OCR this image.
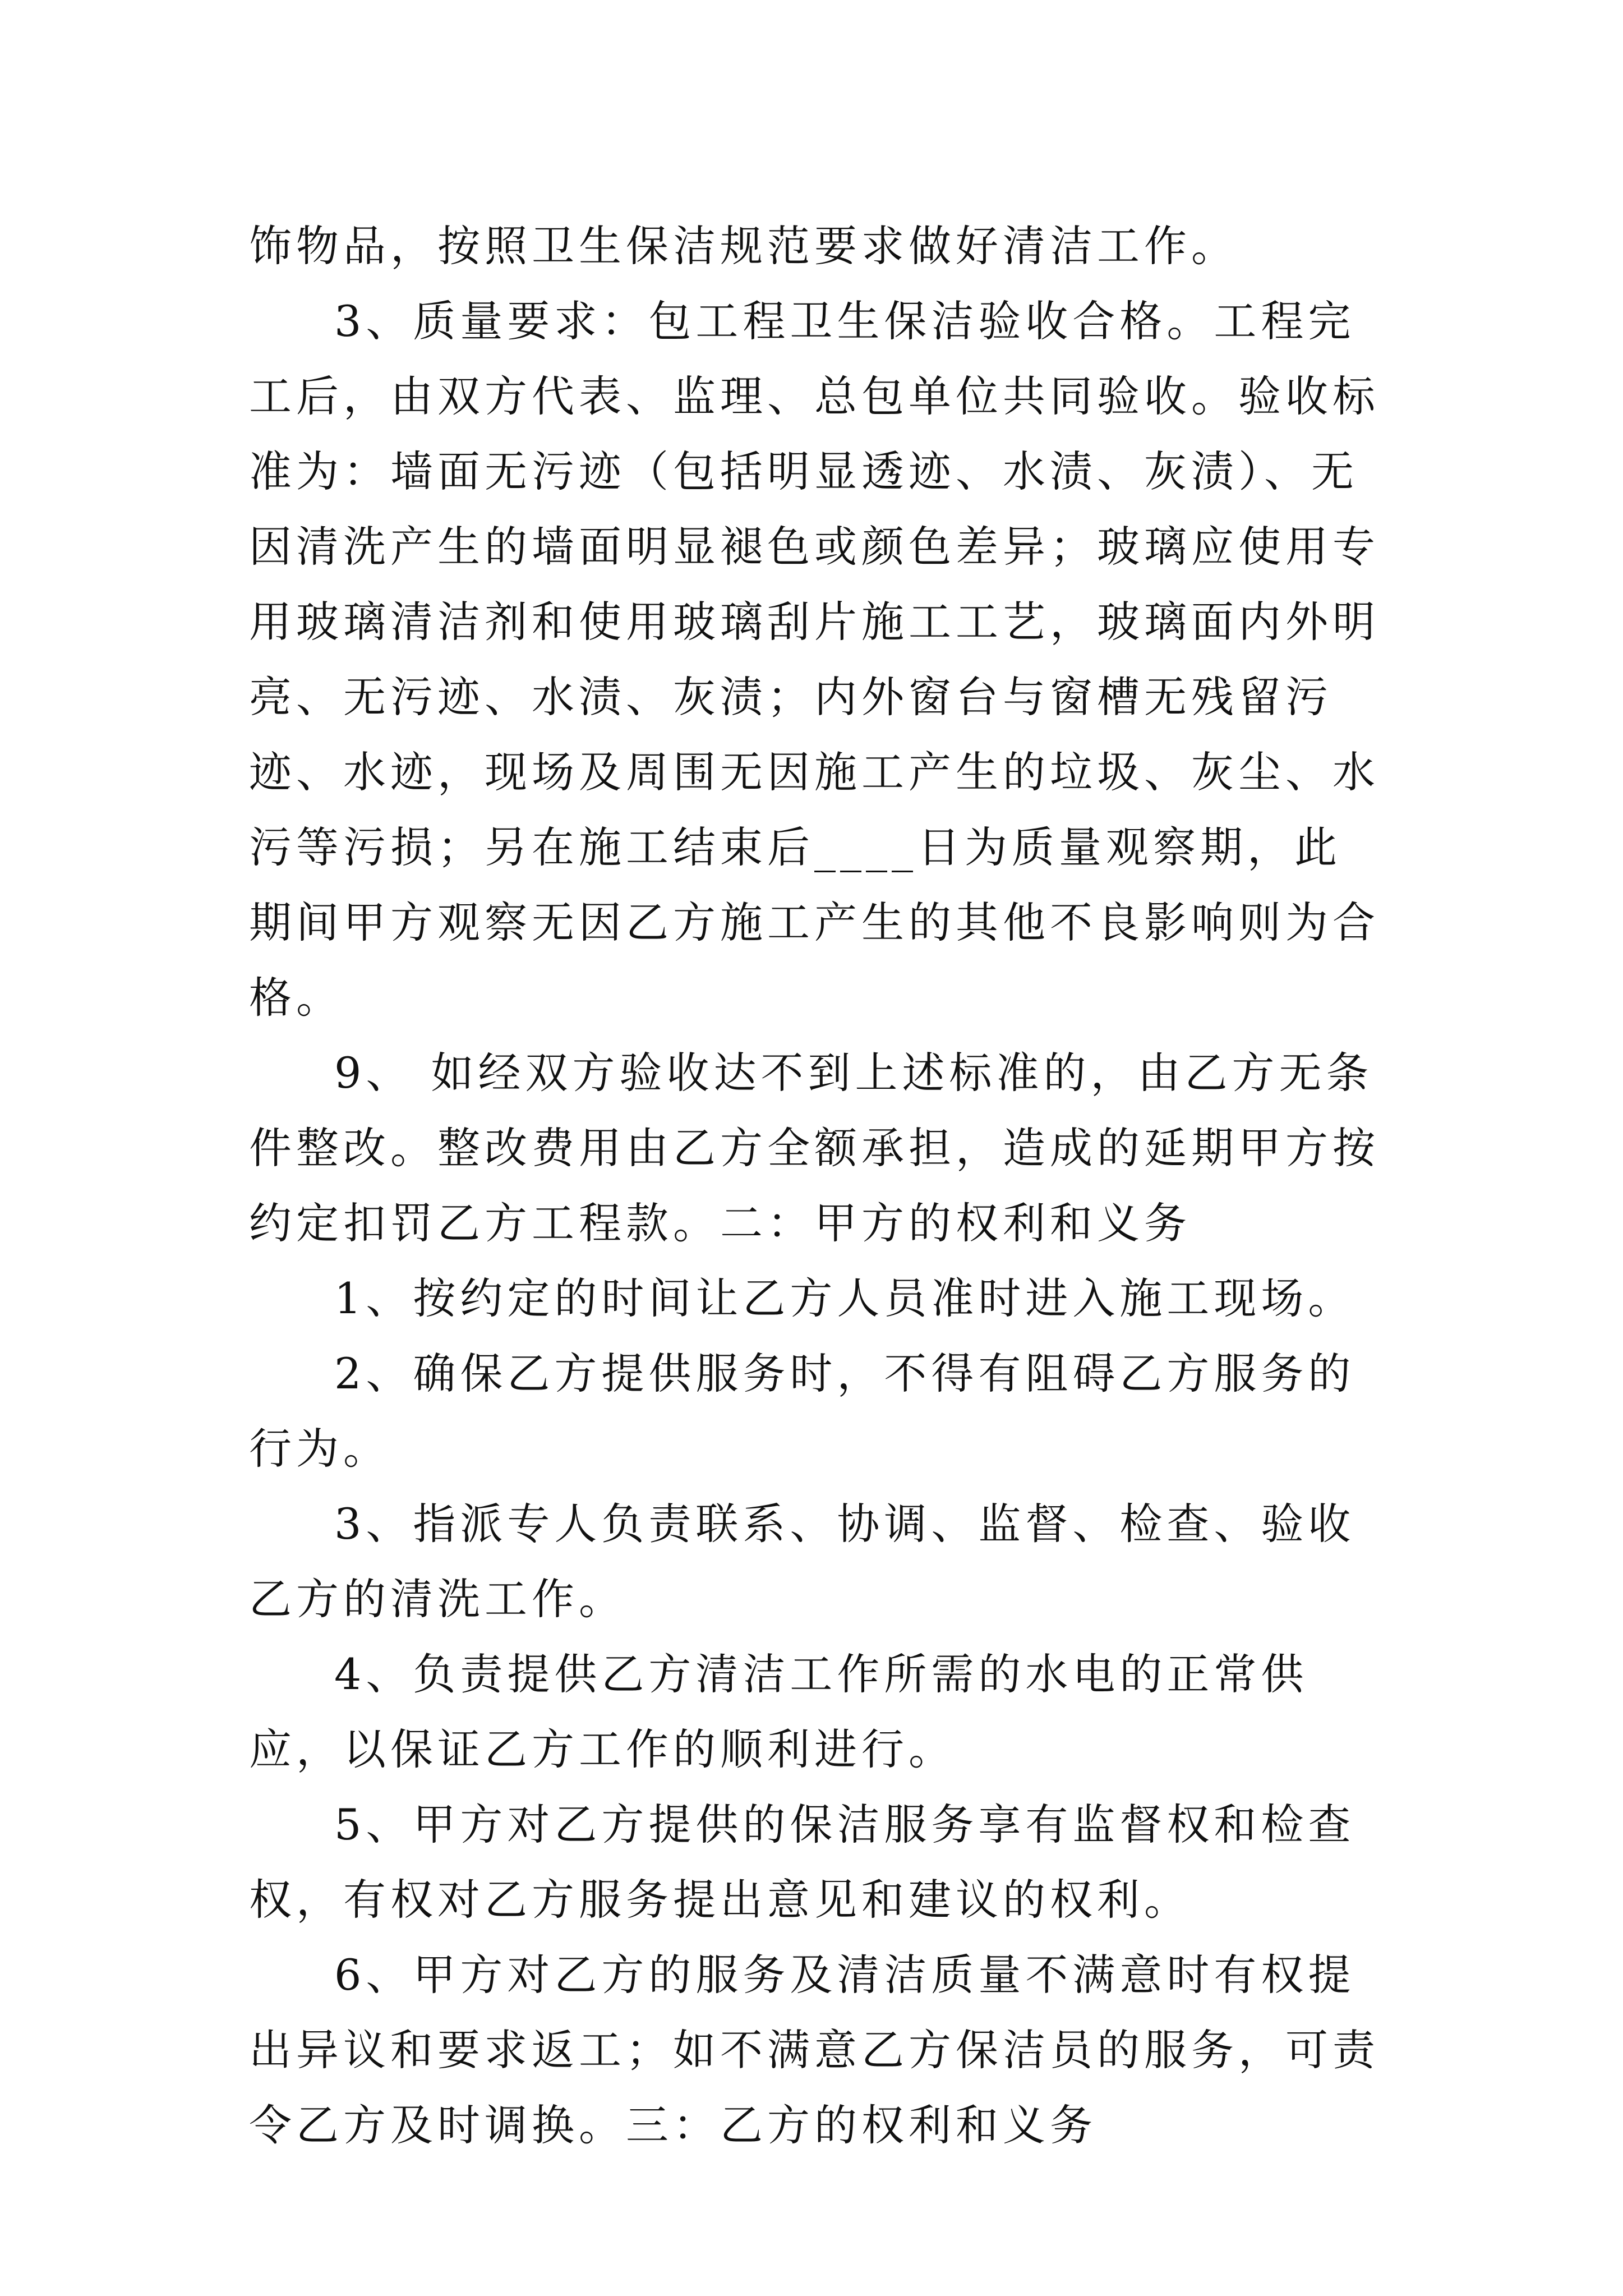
饰物品，按照卫生保洁规范要求做好清洁工作。

3、质量要求：包工程卫生保洁验收合格。工程完工后，由双方代表、监理、总包单位共同验收。验收标准为：墙面无污迹（包括明显透迹、水渍、灰渍）、无因清洗产生的墙面明显褪色或颜色差异；玻璃应使用专用玻璃清洁剂和使用玻璃刮片施工工艺，玻璃面内外明亮、无污迹、水渍、灰渍；内外窗台与窗槽无残留污迹、水迹，现场及周围无因施工产生的垃圾、灰尘、水污等污损；另在施工结束后____日为质量观察期，此期间甲方观察无因乙方施工产生的其他不良影响则为合格。

9、 如经双方验收达不到上述标准的，由乙方无条件整改。整改费用由乙方全额承担，造成的延期甲方按约定扣罚乙方工程款。二：甲方的权利和义务

1、按约定的时间让乙方人员准时进入施工现场。

2、确保乙方提供服务时，不得有阻碍乙方服务的行为。

3、指派专人负责联系、协调、监督、检查、验收乙方的清洗工作。

4、负责提供乙方清洁工作所需的水电的正常供应，以保证乙方工作的顺利进行。

5、甲方对乙方提供的保洁服务享有监督权和检查权，有权对乙方服务提出意见和建议的权利。

6、甲方对乙方的服务及清洁质量不满意时有权提出异议和要求返工；如不满意乙方保洁员的服务，可责令乙方及时调换。三：乙方的权利和义务
